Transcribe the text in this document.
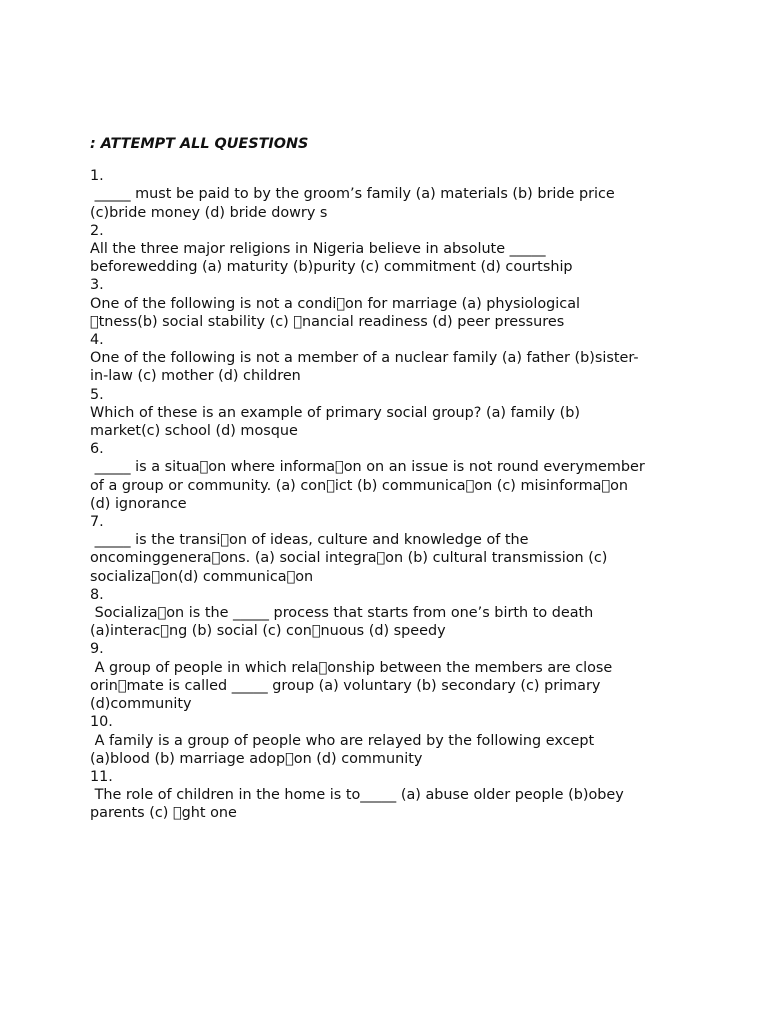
: ATTEMPT ALL QUESTIONS
1.
_____ must be paid to by the groom’s family (a) materials (b) bride price
(c)bride money (d) bride dowry s
2.
All the three major religions in Nigeria believe in absolute _____
beforewedding (a) maturity (b)purity (c) commitment (d) courtship
3.
One of the following is not a condi on for marriage (a) physiological
 tness(b) social stability (c)  nancial readiness (d) peer pressures
4.
One of the following is not a member of a nuclear family (a) father (b)sister-
in-law (c) mother (d) children
5.
Which of these is an example of primary social group? (a) family (b)
market(c) school (d) mosque
6.
_____ is a situa on where informa on on an issue is not round everymember
of a group or community. (a) con ict (b) communica on (c) misinforma on
(d) ignorance
7.
_____ is the transi on of ideas, culture and knowledge of the
oncominggenera ons. (a) social integra on (b) cultural transmission (c)
socializa on(d) communica on
8.
Socializa on is the _____ process that starts from one’s birth to death
(a)interac ng (b) social (c) con nuous (d) speedy
9.
A group of people in which rela onship between the members are close
orin mate is called _____ group (a) voluntary (b) secondary (c) primary
(d)community
10.
A family is a group of people who are relayed by the following except
(a)blood (b) marriage adop on (d) community
11.
The role of children in the home is to_____ (a) abuse older people (b)obey
parents (c)  ght one
